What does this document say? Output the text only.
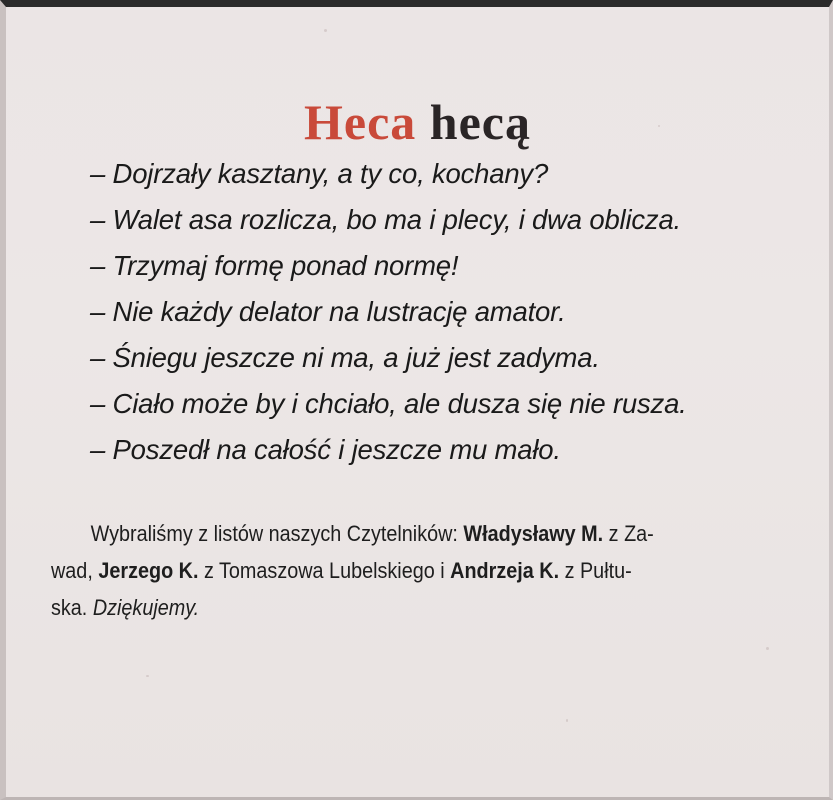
Heca hecą
– Dojrzały kasztany, a ty co, kochany?
– Walet asa rozlicza, bo ma i plecy, i dwa oblicza.
– Trzymaj formę ponad normę!
– Nie każdy delator na lustrację amator.
– Śniegu jeszcze ni ma, a już jest zadyma.
– Ciało może by i chciało, ale dusza się nie rusza.
– Poszedł na całość i jeszcze mu mało.
Wybraliśmy z listów naszych Czytelników: Władysławy M. z Za-
wad, Jerzego K. z Tomaszowa Lubelskiego i Andrzeja K. z Pułtu-
ska. Dziękujemy.
